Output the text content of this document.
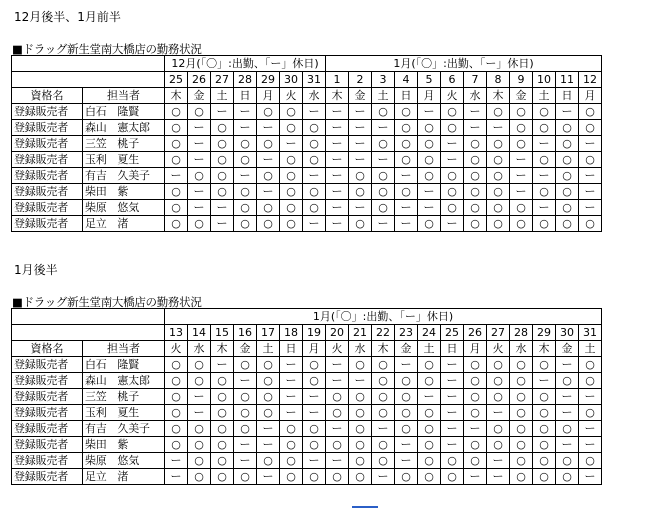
12月後半、1月前半
■ドラッグ新生堂南大橋店の勤務状況
		12月(「〇」:出勤、「ー」休日)							1月(「〇」:出勤、「ー」休日)											
		25	26	27	28	29	30	31	1	2	3	4	5	6	7	8	9	10	11	12
資格名	担当者	木	金	土	日	月	火	水	木	金	土	日	月	火	水	木	金	土	日	月
登録販売者	白石　隆賢	○	○	ー	ー	○	○	ー	ー	ー	○	○	ー	○	ー	○	○	○	ー	○
登録販売者	森山　憲太郎	○	ー	○	ー	ー	○	○	ー	ー	ー	○	○	○	ー	ー	○	○	○	○
登録販売者	三笠　桃子	○	ー	○	○	○	ー	○	ー	ー	○	○	○	ー	○	○	○	ー	○	ー
登録販売者	玉利　夏生	○	ー	○	○	ー	○	○	ー	ー	ー	○	○	ー	○	○	ー	○	○	○
登録販売者	有吉　久美子	ー	○	○	ー	○	○	ー	ー	○	○	ー	○	○	○	○	ー	ー	○	ー
登録販売者	柴田　紫	○	ー	○	○	ー	○	○	ー	○	○	○	ー	○	○	○	ー	○	○	ー
登録販売者	柴原　悠気	○	ー	ー	○	○	○	○	ー	ー	○	ー	ー	○	○	○	○	ー	○	ー
登録販売者	足立　渚	○	○	ー	○	○	○	ー	ー	○	ー	ー	○	ー	○	○	○	○	○	○
1月後半
■ドラッグ新生堂南大橋店の勤務状況
		1月(「〇」:出勤、「ー」休日)																		
		13	14	15	16	17	18	19	20	21	22	23	24	25	26	27	28	29	30	31
資格名	担当者	火	水	木	金	土	日	月	火	水	木	金	土	日	月	火	水	木	金	土
登録販売者	白石　隆賢	○	○	ー	○	○	ー	○	ー	○	○	ー	○	ー	○	○	○	○	ー	○
登録販売者	森山　憲太郎	○	○	○	ー	○	ー	○	ー	ー	○	○	○	ー	○	○	○	ー	○	○
登録販売者	三笠　桃子	○	ー	○	○	○	ー	ー	○	○	○	○	ー	ー	○	○	○	○	ー	ー
登録販売者	玉利　夏生	○	ー	○	○	○	ー	ー	○	○	○	○	○	ー	○	ー	○	○	ー	○
登録販売者	有吉　久美子	○	○	○	○	ー	○	○	ー	○	ー	○	○	ー	ー	○	○	○	○	ー
登録販売者	柴田　紫	○	○	○	ー	ー	○	○	○	○	○	ー	○	ー	○	○	○	○	ー	ー
登録販売者	柴原　悠気	ー	○	○	ー	○	○	ー	ー	○	○	ー	○	○	○	ー	○	○	○	○
登録販売者	足立　渚	ー	○	○	○	ー	○	○	○	○	ー	○	○	○	ー	ー	○	○	○	ー
